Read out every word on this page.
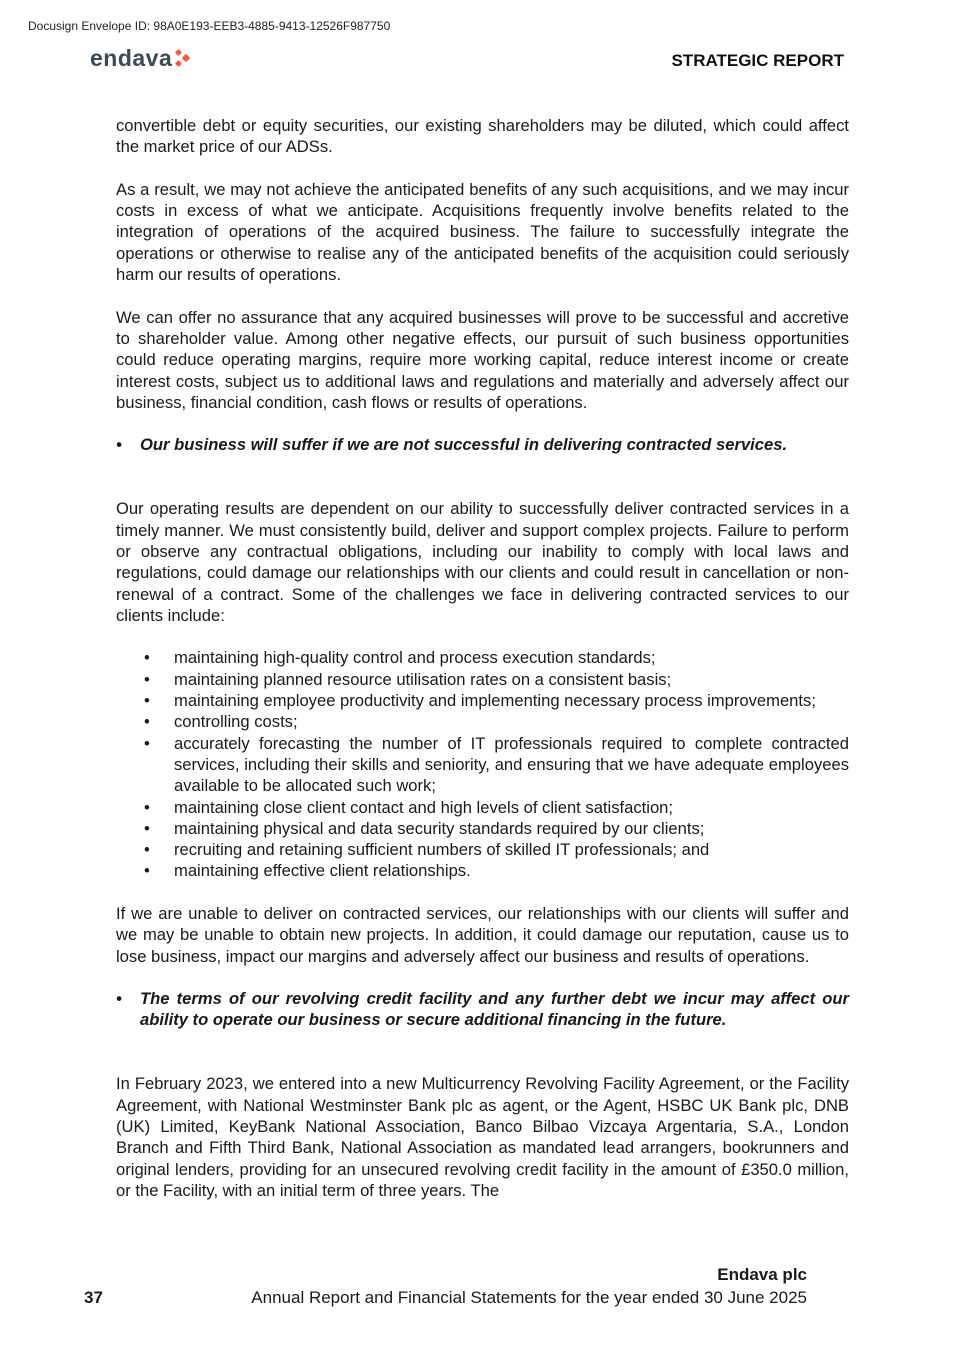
Docusign Envelope ID: 98A0E193-EEB3-4885-9413-12526F987750
endava	STRATEGIC REPORT

convertible debt or equity securities, our existing shareholders may be diluted, which could affect the market price of our ADSs.

As a result, we may not achieve the anticipated benefits of any such acquisitions, and we may incur costs in excess of what we anticipate. Acquisitions frequently involve benefits related to the integration of operations of the acquired business. The failure to successfully integrate the operations or otherwise to realise any of the anticipated benefits of the acquisition could seriously harm our results of operations.

We can offer no assurance that any acquired businesses will prove to be successful and accretive to shareholder value. Among other negative effects, our pursuit of such business opportunities could reduce operating margins, require more working capital, reduce interest income or create interest costs, subject us to additional laws and regulations and materially and adversely affect our business, financial condition, cash flows or results of operations.

•	Our business will suffer if we are not successful in delivering contracted services.

Our operating results are dependent on our ability to successfully deliver contracted services in a timely manner. We must consistently build, deliver and support complex projects. Failure to perform or observe any contractual obligations, including our inability to comply with local laws and regulations, could damage our relationships with our clients and could result in cancellation or non-renewal of a contract. Some of the challenges we face in delivering contracted services to our clients include:

•	maintaining high-quality control and process execution standards;
•	maintaining planned resource utilisation rates on a consistent basis;
•	maintaining employee productivity and implementing necessary process improvements;
•	controlling costs;
•	accurately forecasting the number of IT professionals required to complete contracted services, including their skills and seniority, and ensuring that we have adequate employees available to be allocated such work;
•	maintaining close client contact and high levels of client satisfaction;
•	maintaining physical and data security standards required by our clients;
•	recruiting and retaining sufficient numbers of skilled IT professionals; and
•	maintaining effective client relationships.

If we are unable to deliver on contracted services, our relationships with our clients will suffer and we may be unable to obtain new projects. In addition, it could damage our reputation, cause us to lose business, impact our margins and adversely affect our business and results of operations.

•	The terms of our revolving credit facility and any further debt we incur may affect our ability to operate our business or secure additional financing in the future.

In February 2023, we entered into a new Multicurrency Revolving Facility Agreement, or the Facility Agreement, with National Westminster Bank plc as agent, or the Agent, HSBC UK Bank plc, DNB (UK) Limited, KeyBank National Association, Banco Bilbao Vizcaya Argentaria, S.A., London Branch and Fifth Third Bank, National Association as mandated lead arrangers, bookrunners and original lenders, providing for an unsecured revolving credit facility in the amount of £350.0 million, or the Facility, with an initial term of three years. The

Endava plc
37	Annual Report and Financial Statements for the year ended 30 June 2025
